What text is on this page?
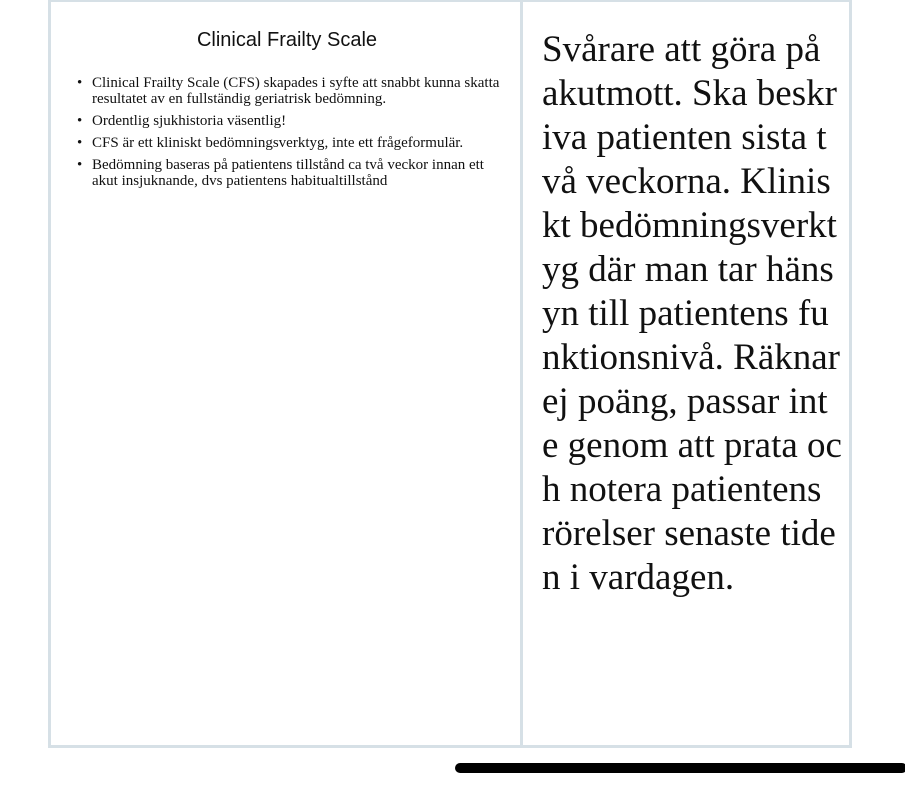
Clinical Frailty Scale
• Clinical Frailty Scale (CFS) skapades i syfte att snabbt kunna skatta resultatet av en fullständig geriatrisk bedömning.
• Ordentlig sjukhistoria väsentlig!
• CFS är ett kliniskt bedömningsverktyg, inte ett frågeformulär.
• Bedömning baseras på patientens tillstånd ca två veckor innan ett akut insjuknande, dvs patientens habitualtillstånd

Svårare att göra på akutmott. Ska beskriva patienten sista två veckorna. Kliniskt bedömningsverktyg där man tar hänsyn till patientens funktionsnivå. Räknar ej poäng, passar inte genom att prata och notera patientens rörelser senaste tiden i vardagen.
